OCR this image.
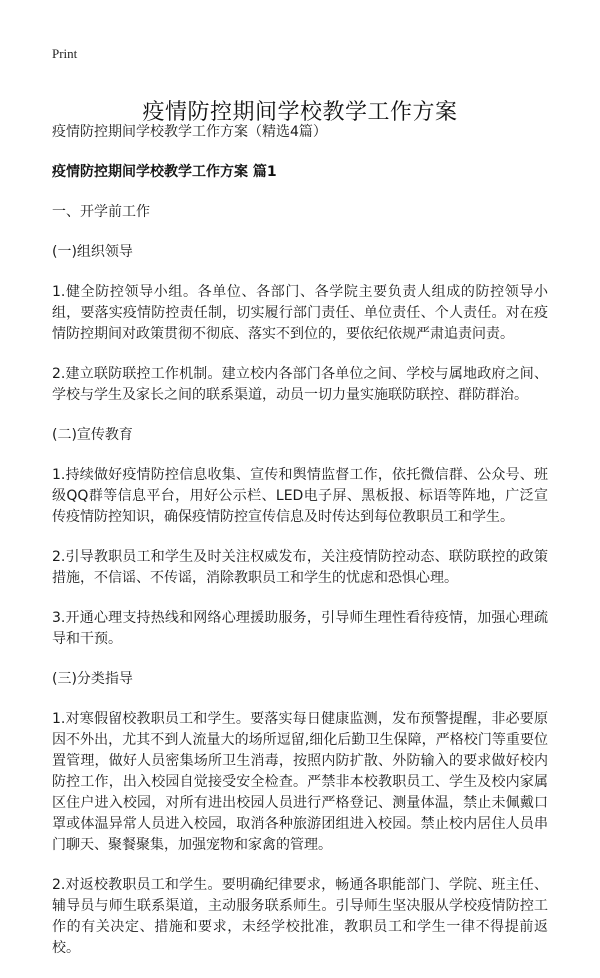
Print
疫情防控期间学校教学工作方案

疫情防控期间学校教学工作方案（精选4篇）

疫情防控期间学校教学工作方案 篇1

一、开学前工作

(一)组织领导

1.健全防控领导小组。各单位、各部门、各学院主要负责人组成的防控领导小组，要落实疫情防控责任制，切实履行部门责任、单位责任、个人责任。对在疫情防控期间对政策贯彻不彻底、落实不到位的，要依纪依规严肃追责问责。

2.建立联防联控工作机制。建立校内各部门各单位之间、学校与属地政府之间、学校与学生及家长之间的联系渠道，动员一切力量实施联防联控、群防群治。

(二)宣传教育

1.持续做好疫情防控信息收集、宣传和舆情监督工作，依托微信群、公众号、班级QQ群等信息平台，用好公示栏、LED电子屏、黑板报、标语等阵地，广泛宣传疫情防控知识，确保疫情防控宣传信息及时传达到每位教职员工和学生。

2.引导教职员工和学生及时关注权威发布，关注疫情防控动态、联防联控的政策措施，不信谣、不传谣，消除教职员工和学生的忧虑和恐惧心理。

3.开通心理支持热线和网络心理援助服务，引导师生理性看待疫情，加强心理疏导和干预。

(三)分类指导

1.对寒假留校教职员工和学生。要落实每日健康监测，发布预警提醒，非必要原因不外出，尤其不到人流量大的场所逗留,细化后勤卫生保障，严格校门等重要位置管理，做好人员密集场所卫生消毒，按照内防扩散、外防输入的要求做好校内防控工作，出入校园自觉接受安全检查。严禁非本校教职员工、学生及校内家属区住户进入校园，对所有进出校园人员进行严格登记、测量体温，禁止未佩戴口罩或体温异常人员进入校园，取消各种旅游团组进入校园。禁止校内居住人员串门聊天、聚餐聚集，加强宠物和家禽的管理。

2.对返校教职员工和学生。要明确纪律要求，畅通各职能部门、学院、班主任、辅导员与师生联系渠道，主动服务联系师生。引导师生坚决服从学校疫情防控工作的有关决定、措施和要求，未经学校批准，教职员工和学生一律不得提前返校。
